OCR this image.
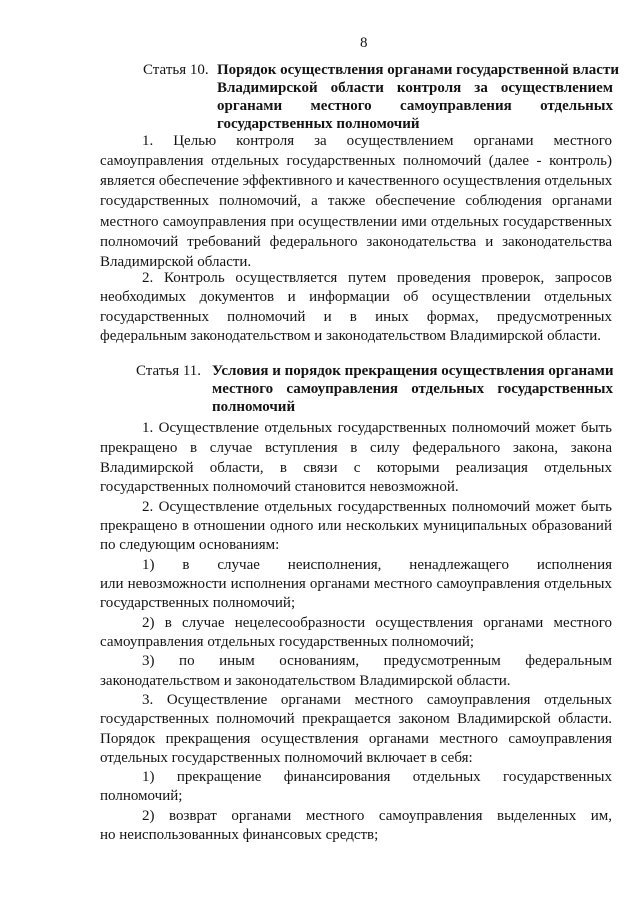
8
Статья 10. Порядок осуществления органами государственной власти
Владимирской области контроля за осуществлением
органами местного самоуправления отдельных
государственных полномочий
1. Целью контроля за осуществлением органами местного
самоуправления отдельных государственных полномочий (далее - контроль)
является обеспечение эффективного и качественного осуществления отдельных
государственных полномочий, а также обеспечение соблюдения органами
местного самоуправления при осуществлении ими отдельных государственных
полномочий требований федерального законодательства и законодательства
Владимирской области.
2. Контроль осуществляется путем проведения проверок, запросов
необходимых документов и информации об осуществлении отдельных
государственных полномочий и в иных формах, предусмотренных
федеральным законодательством и законодательством Владимирской области.
Статья 11. Условия и порядок прекращения осуществления органами
местного самоуправления отдельных государственных
полномочий
1. Осуществление отдельных государственных полномочий может быть
прекращено в случае вступления в силу федерального закона, закона
Владимирской области, в связи с которыми реализация отдельных
государственных полномочий становится невозможной.
2. Осуществление отдельных государственных полномочий может быть
прекращено в отношении одного или нескольких муниципальных образований
по следующим основаниям:
1) в случае неисполнения, ненадлежащего исполнения
или невозможности исполнения органами местного самоуправления отдельных
государственных полномочий;
2) в случае нецелесообразности осуществления органами местного
самоуправления отдельных государственных полномочий;
3) по иным основаниям, предусмотренным федеральным
законодательством и законодательством Владимирской области.
3. Осуществление органами местного самоуправления отдельных
государственных полномочий прекращается законом Владимирской области.
Порядок прекращения осуществления органами местного самоуправления
отдельных государственных полномочий включает в себя:
1) прекращение финансирования отдельных государственных
полномочий;
2) возврат органами местного самоуправления выделенных им,
но неиспользованных финансовых средств;
